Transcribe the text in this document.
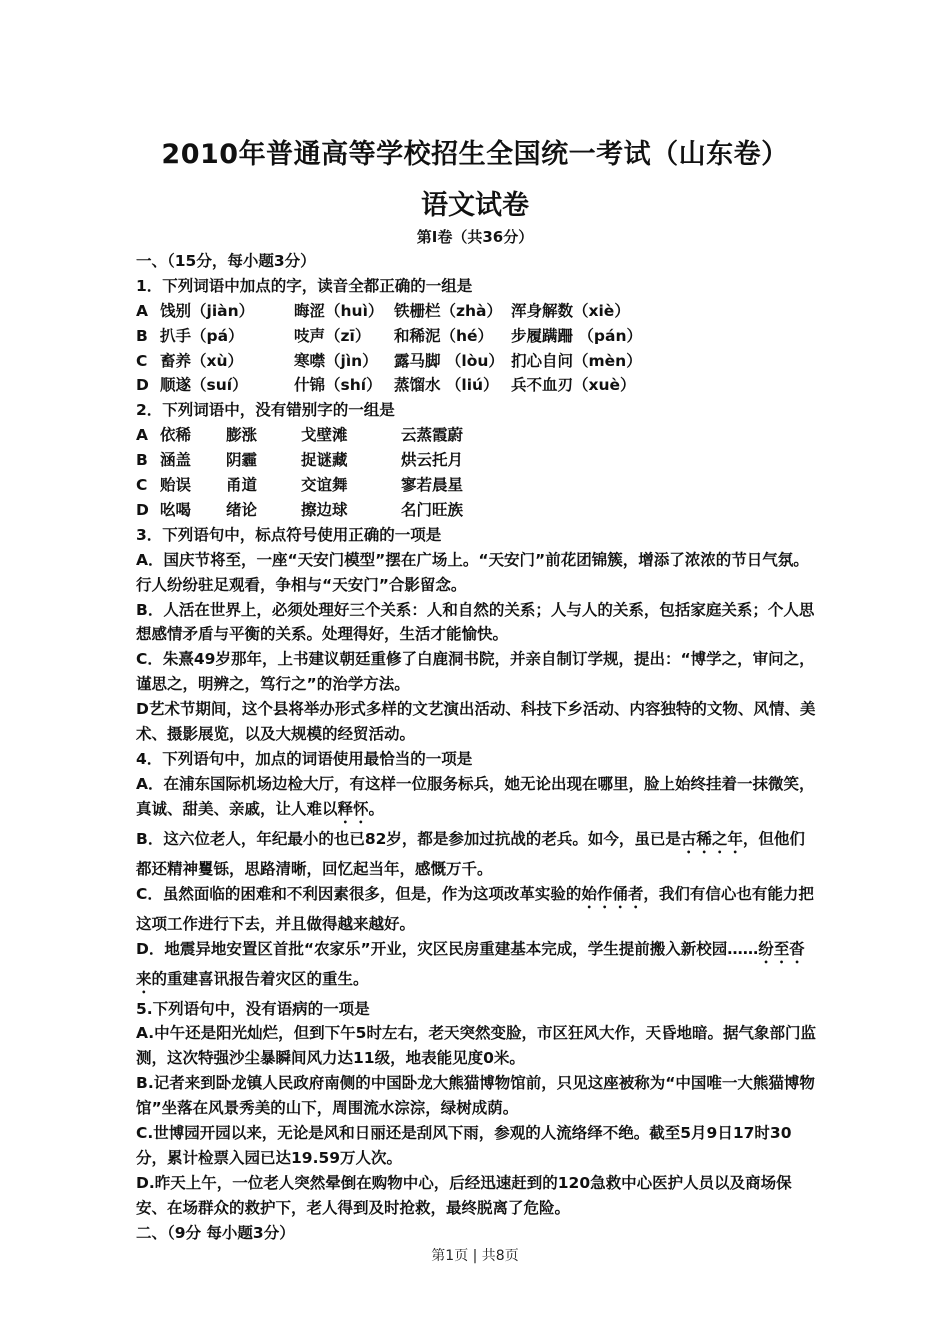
2010年普通高等学校招生全国统一考试（山东卷）
语文试卷
第Ⅰ卷（共36分）
一、（15分，每小题3分）
1．下列词语中加点的字，读音全都正确的一组是
A 饯别（jiàn）	晦涩（huì） 铁栅栏（zhà） 浑身解数（xiè）
B 扒手（pá）	吱声（zī）	和稀泥（hé）	步履蹒跚 （pán）
C 畜养（xù）	寒噤（jìn）	露马脚 （lòu） 扪心自问（mèn）
D 顺遂（suí）	什锦（shí） 蒸馏水 （liú） 兵不血刃（xuè）
2．下列词语中，没有错别字的一组是
A 依稀	膨涨	戈壁滩	云蒸霞蔚
B 涵盖	阴霾	捉谜藏	烘云托月
C 贻误	甬道	交谊舞	寥若晨星
D 吆喝	绪论	擦边球	名门旺族
3．下列语句中，标点符号使用正确的一项是
A．国庆节将至，一座“天安门模型”摆在广场上。“天安门”前花团锦簇，增添了浓浓的节日气氛。行人纷纷驻足观看，争相与“天安门”合影留念。
B．人活在世界上，必须处理好三个关系：人和自然的关系；人与人的关系，包括家庭关系；个人思想感情矛盾与平衡的关系。处理得好，生活才能愉快。
C．朱熹49岁那年，上书建议朝廷重修了白鹿洞书院，并亲自制订学规，提出：“博学之，审问之，谨思之，明辨之，笃行之”的治学方法。
D艺术节期间，这个县将举办形式多样的文艺演出活动、科技下乡活动、内容独特的文物、风情、美术、摄影展览，以及大规模的经贸活动。
4．下列语句中，加点的词语使用最恰当的一项是
A．在浦东国际机场边检大厅，有这样一位服务标兵，她无论出现在哪里，脸上始终挂着一抹微笑，真诚、甜美、亲戚，让人难以释怀。
B．这六位老人，年纪最小的也已82岁，都是参加过抗战的老兵。如今，虽已是古稀之年，但他们都还精神矍铄，思路清晰，回忆起当年，感慨万千。
C．虽然面临的困难和不利因素很多，但是，作为这项改革实验的始作俑者，我们有信心也有能力把这项工作进行下去，并且做得越来越好。
D．地震异地安置区首批“农家乐”开业，灾区民房重建基本完成，学生提前搬入新校园……纷至沓来的重建喜讯报告着灾区的重生。
5.下列语句中，没有语病的一项是
A.中午还是阳光灿烂，但到下午5时左右，老天突然变脸，市区狂风大作，天昏地暗。据气象部门监测，这次特强沙尘暴瞬间风力达11级，地表能见度0米。
B.记者来到卧龙镇人民政府南侧的中国卧龙大熊猫博物馆前，只见这座被称为“中国唯一大熊猫博物馆”坐落在风景秀美的山下，周围流水淙淙，绿树成荫。
C.世博园开园以来，无论是风和日丽还是刮风下雨，参观的人流络绎不绝。截至5月9日17时30分，累计检票入园已达19.59万人次。
D.昨天上午，一位老人突然晕倒在购物中心，后经迅速赶到的120急救中心医护人员以及商场保安、在场群众的救护下，老人得到及时抢救，最终脱离了危险。
二、（9分 每小题3分）
第1页 | 共8页
